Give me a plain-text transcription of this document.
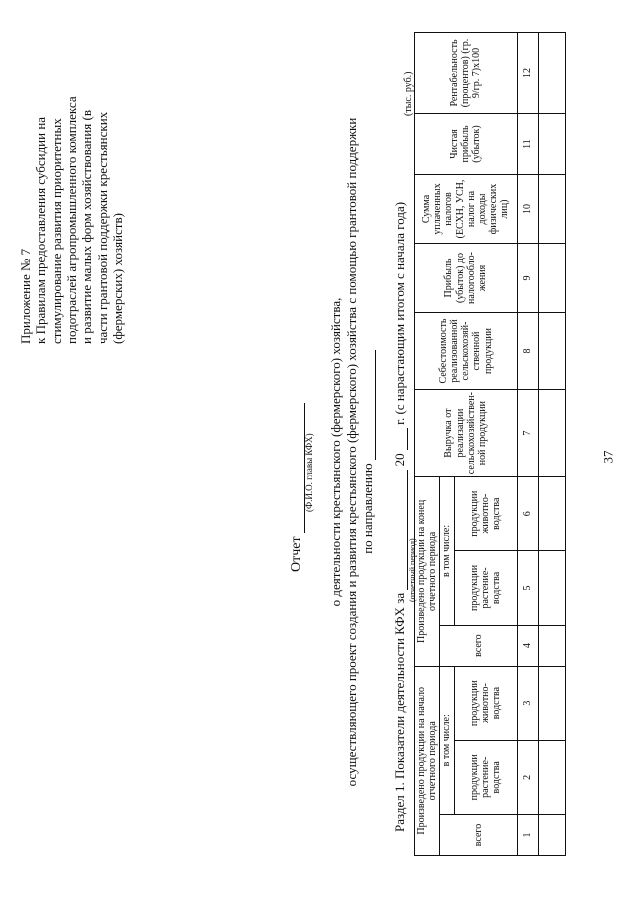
37
Приложение № 7 к Правилам предоставления субсидии на стимулирование развития приоритетных подотраслей агропромышленного комплекса и развитие малых форм хозяйствования (в части грантовой поддержки крестьянских (фермерских) хозяйств)
Отчет
(Ф.И.О. главы КФХ) о деятельности крестьянского (фермерского) хозяйства, осуществляющего проект создания и развития крестьянского (фермерского) хозяйства с помощью грантовой поддержки по направлению
Раздел 1. Показатели деятельности КФХ за  20  г. (с нарастающим итогом с начала года)
(отчетный период)
(тыс. руб.)
Произведено продукции на начало отчетного периода			Произведено продукции на конец отчетного периода			Выручка от реализации сельскохозяйствен-ной продукции	Себестоимость реализованной сельскохозяй-ственной продукции	Прибыль (убыток) до налогообло-жения	Сумма уплаченных налогов (ЕСХН, УСН, налог на доходы физических лиц)	Чистая прибыль (убыток)	Рентабельность (процентов) (гр. 9/гр. 7)х100
всего	в том числе:		всего	в том числе:							
	продукции растение-водства	продукции животно-водства		продукции растение-водства	продукции животно-водства						
1	2	3	4	5	6	7	8	9	10	11	12
